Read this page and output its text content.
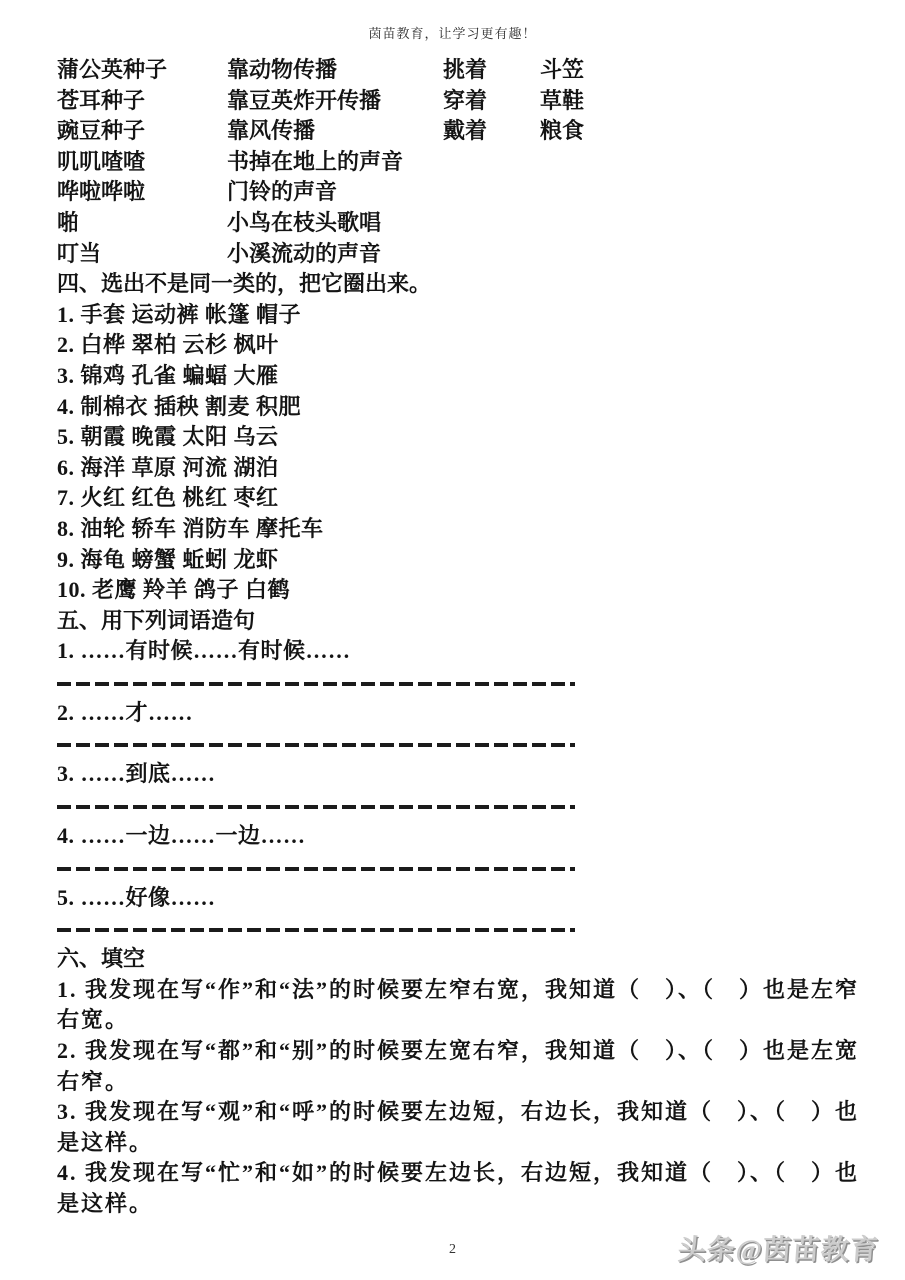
茵苗教育，让学习更有趣！
蒲公英种子	靠动物传播	挑着	斗笠
苍耳种子	靠豆英炸开传播	穿着	草鞋
豌豆种子	靠风传播	戴着	粮食
叽叽喳喳	书掉在地上的声音
哗啦哗啦	门铃的声音
啪	小鸟在枝头歌唱
叮当	小溪流动的声音
四、选出不是同一类的，把它圈出来。
1. 手套 运动裤 帐篷 帽子
2. 白桦 翠柏 云杉 枫叶
3. 锦鸡 孔雀 蝙蝠 大雁
4. 制棉衣 插秧 割麦 积肥
5. 朝霞 晚霞 太阳 乌云
6. 海洋 草原 河流 湖泊
7. 火红 红色 桃红 枣红
8. 油轮 轿车 消防车 摩托车
9. 海龟 螃蟹 蚯蚓 龙虾
10. 老鹰 羚羊 鸽子 白鹤
五、用下列词语造句
1. ……有时候……有时候……
2. ……才……
3. ……到底……
4. ……一边……一边……
5. ……好像……
六、填空
1. 我发现在写“作”和“法”的时候要左窄右宽，我知道（　）、（　）也是左窄右宽。
2. 我发现在写“都”和“别”的时候要左宽右窄，我知道（　）、（　）也是左宽右窄。
3. 我发现在写“观”和“呼”的时候要左边短，右边长，我知道（　）、（　）也是这样。
4. 我发现在写“忙”和“如”的时候要左边长，右边短，我知道（　）、（　）也是这样。
2	头条@茵苗教育
